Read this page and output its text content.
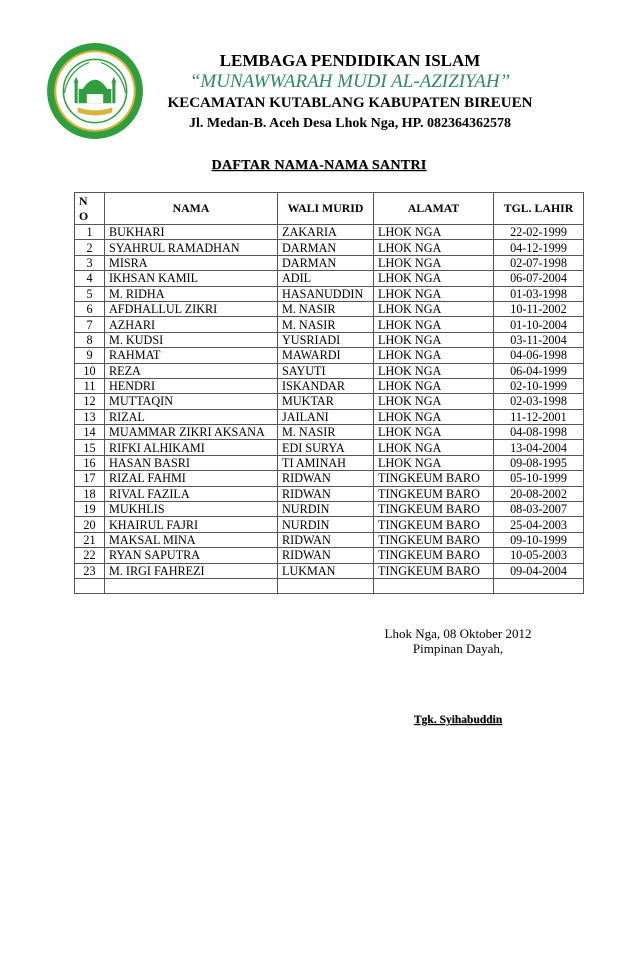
LEMBAGA PENDIDIKAN ISLAM
“MUNAWWARAH MUDI AL-AZIZIYAH”
KECAMATAN KUTABLANG KABUPATEN BIREUEN
Jl. Medan-B. Aceh Desa Lhok Nga, HP. 082364362578
DAFTAR NAMA-NAMA SANTRI
N O	NAMA	WALI MURID	ALAMAT	TGL. LAHIR
1	BUKHARI	ZAKARIA	LHOK NGA	22-02-1999
2	SYAHRUL RAMADHAN	DARMAN	LHOK NGA	04-12-1999
3	MISRA	DARMAN	LHOK NGA	02-07-1998
4	IKHSAN KAMIL	ADIL	LHOK NGA	06-07-2004
5	M. RIDHA	HASANUDDIN	LHOK NGA	01-03-1998
6	AFDHALLUL ZIKRI	M. NASIR	LHOK NGA	10-11-2002
7	AZHARI	M. NASIR	LHOK NGA	01-10-2004
8	M. KUDSI	YUSRIADI	LHOK NGA	03-11-2004
9	RAHMAT	MAWARDI	LHOK NGA	04-06-1998
10	REZA	SAYUTI	LHOK NGA	06-04-1999
11	HENDRI	ISKANDAR	LHOK NGA	02-10-1999
12	MUTTAQIN	MUKTAR	LHOK NGA	02-03-1998
13	RIZAL	JAILANI	LHOK NGA	11-12-2001
14	MUAMMAR ZIKRI AKSANA	M. NASIR	LHOK NGA	04-08-1998
15	RIFKI ALHIKAMI	EDI SURYA	LHOK NGA	13-04-2004
16	HASAN BASRI	TI AMINAH	LHOK NGA	09-08-1995
17	RIZAL FAHMI	RIDWAN	TINGKEUM BARO	05-10-1999
18	RIVAL FAZILA	RIDWAN	TINGKEUM BARO	20-08-2002
19	MUKHLIS	NURDIN	TINGKEUM BARO	08-03-2007
20	KHAIRUL FAJRI	NURDIN	TINGKEUM BARO	25-04-2003
21	MAKSAL MINA	RIDWAN	TINGKEUM BARO	09-10-1999
22	RYAN SAPUTRA	RIDWAN	TINGKEUM BARO	10-05-2003
23	M. IRGI FAHREZI	LUKMAN	TINGKEUM BARO	09-04-2004

Lhok Nga, 08 Oktober 2012
Pimpinan Dayah,
Tgk. Syihabuddin
